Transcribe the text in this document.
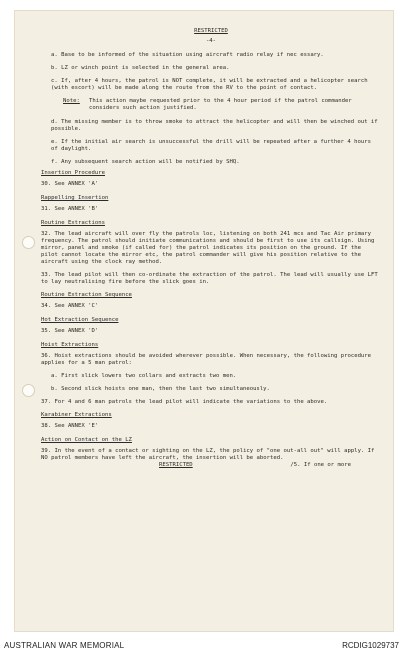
RESTRICTED
-4-
a. Base to be informed of the situation using aircraft radio relay if nec essary.
b. LZ or winch point is selected in the general area.
c. If, after 4 hours, the patrol is NOT complete, it will be extracted and a helicopter search (with escort) will be made along the route from the RV to the point of contact.
Note:	This action maybe requested prior to the 4 hour period if the patrol commander considers such action justified.
d. The missing member is to throw smoke to attract the helicopter and will then be winched out if possible.
e. If the initial air search is unsuccessful the drill will be repeated after a further 4 hours of daylight.
f. Any subsequent search action will be notified by SHQ.
Insertion Procedure
30. See ANNEX 'A'
Rappelling Insertion
31. See ANNEX 'B'
Routine Extractions
32. The lead aircraft will over fly the patrols loc, listening on both 241 mcs and Tac Air primary frequency. The patrol should initiate communications and should be first to use its callsign. Using mirror, panel and smoke (if called for) the patrol indicates its position on the ground. If the pilot cannot locate the mirror etc, the patrol commander will give his position relative to the aircraft using the clock ray method.
33. The lead pilot will then co-ordinate the extraction of the patrol. The lead will usually use LFT to lay neutralising fire before the slick goes in.
Routine Extraction Sequence
34. See ANNEX 'C'
Hot Extraction Sequence
35. See ANNEX 'D'
Hoist Extractions
36. Hoist extractions should be avoided wherever possible. When necessary, the following procedure applies for a 5 man patrol:
a. First slick lowers two collars and extracts two men.
b. Second slick hoists one man, then the last two simultaneously.
37. For 4 and 6 man patrols the lead pilot will indicate the variations to the above.
Karabiner Extractions
38. See ANNEX 'E'
Action on Contact on the LZ
39. In the event of a contact or sighting on the LZ, the policy of "one out-all out" will apply. If NO patrol members have left the aircraft, the insertion will be aborted.
RESTRICTED	/5. If one or more
AUSTRALIAN WAR MEMORIAL	RCDIG1029737
